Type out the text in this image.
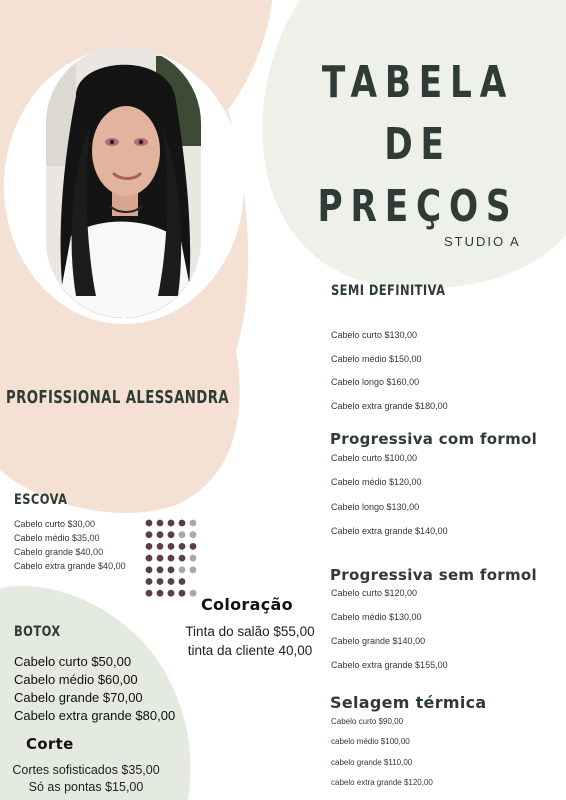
TABELA DE
PREÇOS
STUDIO A
PROFISSIONAL ALESSANDRA
ESCOVA
Cabelo curto $30,00
Cabelo médio $35,00
Cabelo grande $40,00
Cabelo extra grande $40,00
BOTOX
Cabelo curto $50,00
Cabelo médio $60,00
Cabelo grande $70,00
Cabelo extra grande $80,00
Corte
Cortes sofisticados $35,00
Só as pontas $15,00
Coloração
Tinta do salão $55,00
tinta da cliente 40,00
SEMI DEFINITIVA
Cabelo curto $130,00
Cabelo médio $150,00
Cabelo longo $160,00
Cabelo extra grande $180,00
Progressiva com formol
Cabelo curto $100,00
Cabelo médio $120,00
Cabelo longo $130,00
Cabelo extra grande $140,00
Progressiva sem formol
Cabelo curto $120,00
Cabelo médio $130,00
Cabelo grande $140,00
Cabelo extra grande $155,00
Selagem térmica
Cabelo curto $90,00
cabelo médio $100,00
cabelo grande $110,00
cabelo extra grande $120,00
